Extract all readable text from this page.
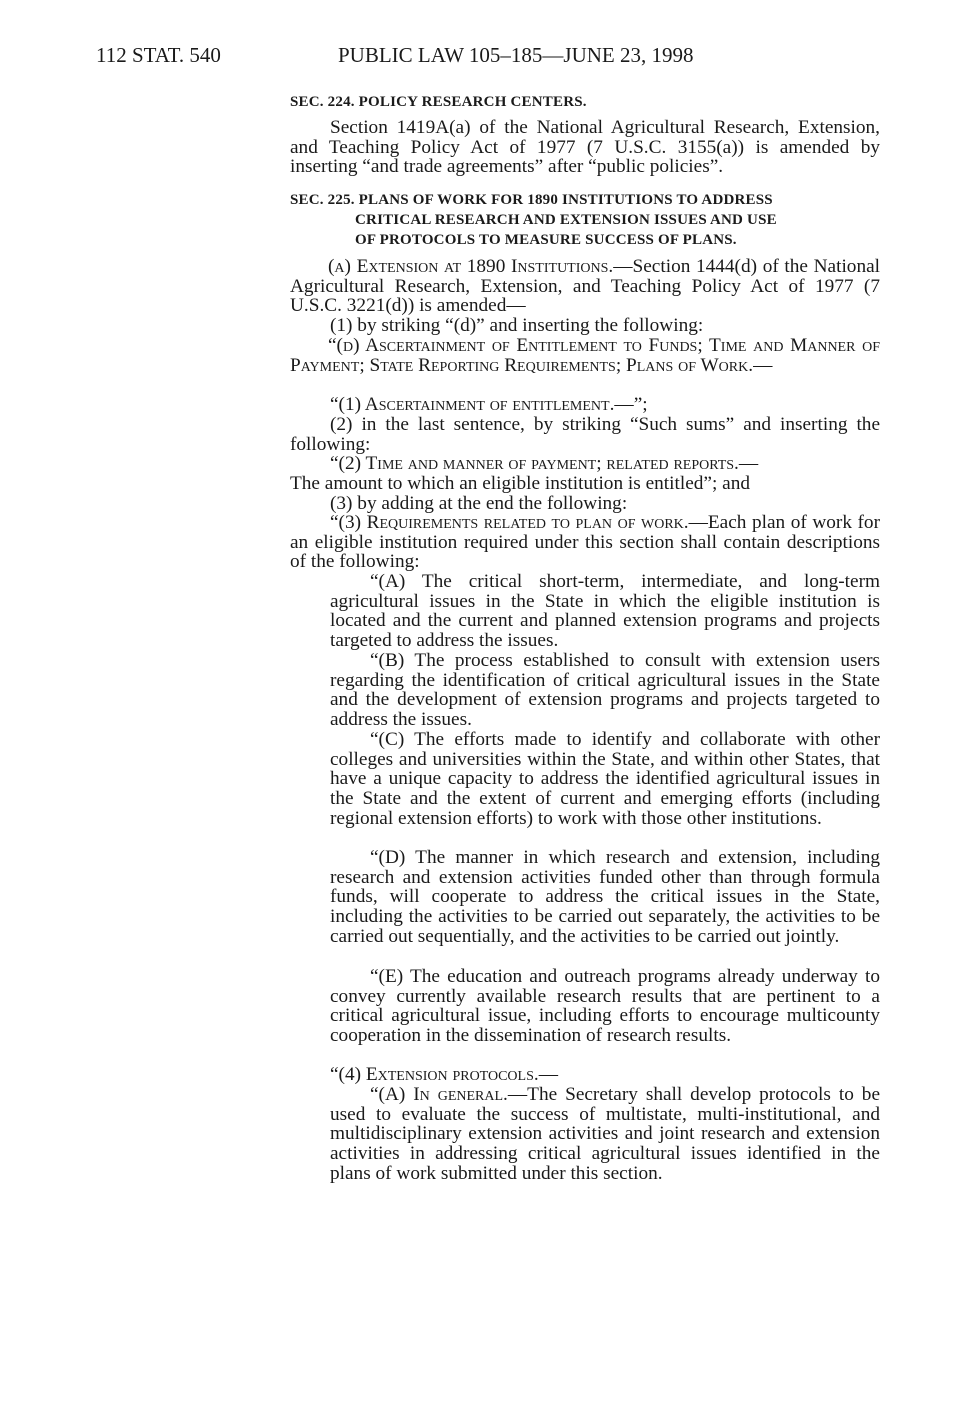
112 STAT. 540	PUBLIC LAW 105–185—JUNE 23, 1998
SEC. 224. POLICY RESEARCH CENTERS.
Section 1419A(a) of the National Agricultural Research, Extension, and Teaching Policy Act of 1977 (7 U.S.C. 3155(a)) is amended by inserting “and trade agreements” after “public policies”.
SEC. 225. PLANS OF WORK FOR 1890 INSTITUTIONS TO ADDRESS
CRITICAL RESEARCH AND EXTENSION ISSUES AND USE
OF PROTOCOLS TO MEASURE SUCCESS OF PLANS.
(a) Extension at 1890 Institutions.—Section 1444(d) of the National Agricultural Research, Extension, and Teaching Policy Act of 1977 (7 U.S.C. 3221(d)) is amended—
(1) by striking “(d)” and inserting the following:
“(d) Ascertainment of Entitlement to Funds; Time and Manner of Payment; State Reporting Requirements; Plans of Work.—
“(1) Ascertainment of entitlement.—”;
(2) in the last sentence, by striking “Such sums” and inserting the following:
“(2) Time and manner of payment; related reports.—
The amount to which an eligible institution is entitled”; and
(3) by adding at the end the following:
“(3) Requirements related to plan of work.—Each plan of work for an eligible institution required under this section shall contain descriptions of the following:
“(A) The critical short-term, intermediate, and long-term agricultural issues in the State in which the eligible institution is located and the current and planned extension programs and projects targeted to address the issues.
“(B) The process established to consult with extension users regarding the identification of critical agricultural issues in the State and the development of extension programs and projects targeted to address the issues.
“(C) The efforts made to identify and collaborate with other colleges and universities within the State, and within other States, that have a unique capacity to address the identified agricultural issues in the State and the extent of current and emerging efforts (including regional extension efforts) to work with those other institutions.
“(D) The manner in which research and extension, including research and extension activities funded other than through formula funds, will cooperate to address the critical issues in the State, including the activities to be carried out separately, the activities to be carried out sequentially, and the activities to be carried out jointly.
“(E) The education and outreach programs already underway to convey currently available research results that are pertinent to a critical agricultural issue, including efforts to encourage multicounty cooperation in the dissemination of research results.
“(4) Extension protocols.—
“(A) In general.—The Secretary shall develop protocols to be used to evaluate the success of multistate, multi-institutional, and multidisciplinary extension activities and joint research and extension activities in addressing critical agricultural issues identified in the plans of work submitted under this section.
